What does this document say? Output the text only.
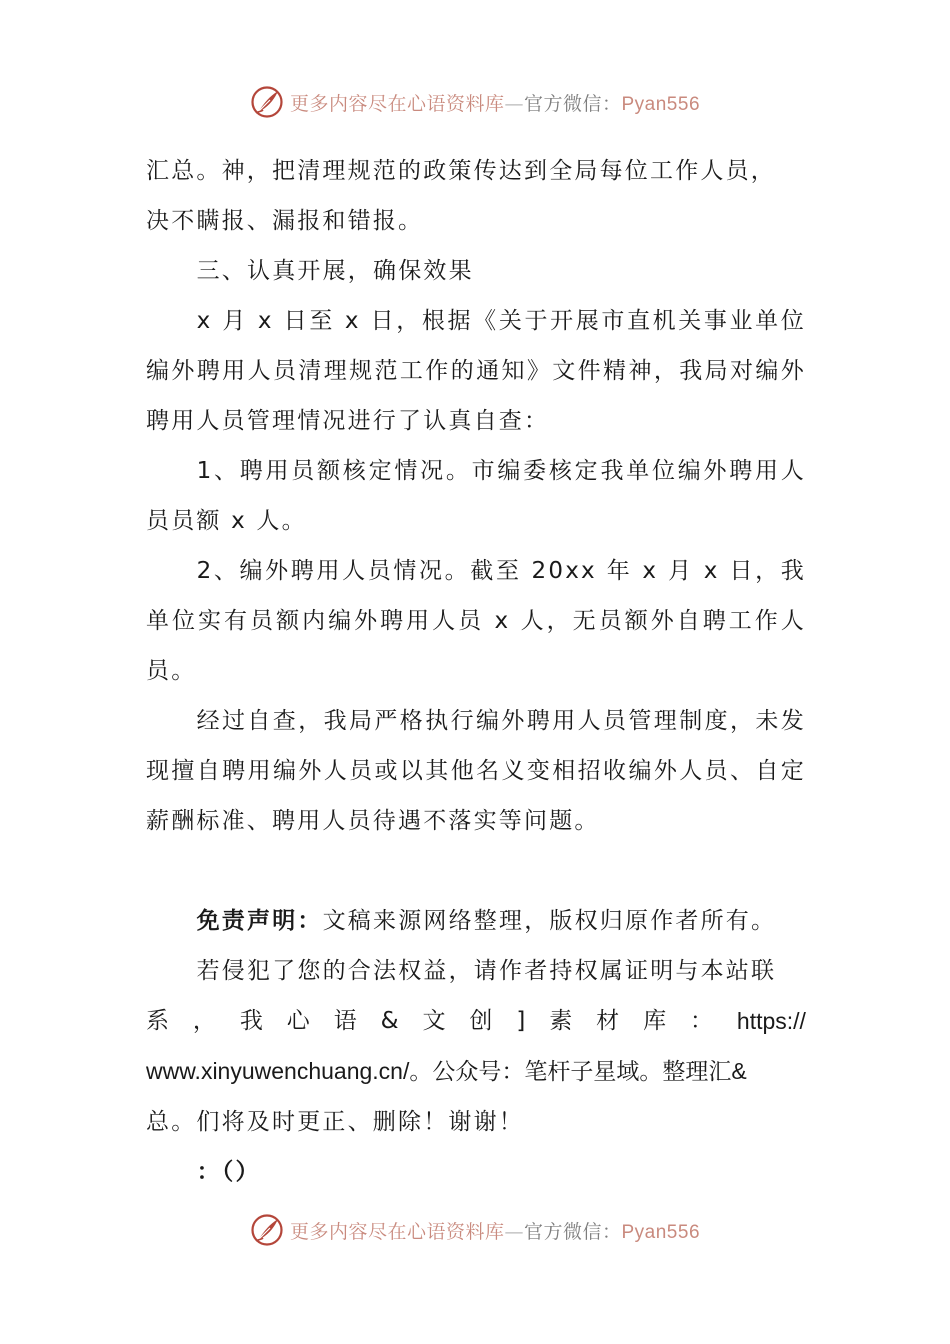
更多内容尽在心语资料库—官方微信：Pyan556

汇总。神，把清理规范的政策传达到全局每位工作人员，

决不瞒报、漏报和错报。

三、认真开展，确保效果

x 月 x 日至 x 日，根据《关于开展市直机关事业单位编外聘用人员清理规范工作的通知》文件精神，我局对编外聘用人员管理情况进行了认真自查：

1、聘用员额核定情况。市编委核定我单位编外聘用人员员额 x 人。

2、编外聘用人员情况。截至 20xx 年 x 月 x 日，我单位实有员额内编外聘用人员 x 人，无员额外自聘工作人员。

经过自查，我局严格执行编外聘用人员管理制度，未发现擅自聘用编外人员或以其他名义变相招收编外人员、自定薪酬标准、聘用人员待遇不落实等问题。

免责声明：文稿来源网络整理，版权归原作者所有。

若侵犯了您的合法权益，请作者持权属证明与本站联

系 ， 我 心 语 & 文 创 ] 素 材 库 ： https://

www.xinyuwenchuang.cn/。公众号：笔杆子星域。整理汇&

总。们将及时更正、删除！谢谢！

：（）

更多内容尽在心语资料库—官方微信：Pyan556
